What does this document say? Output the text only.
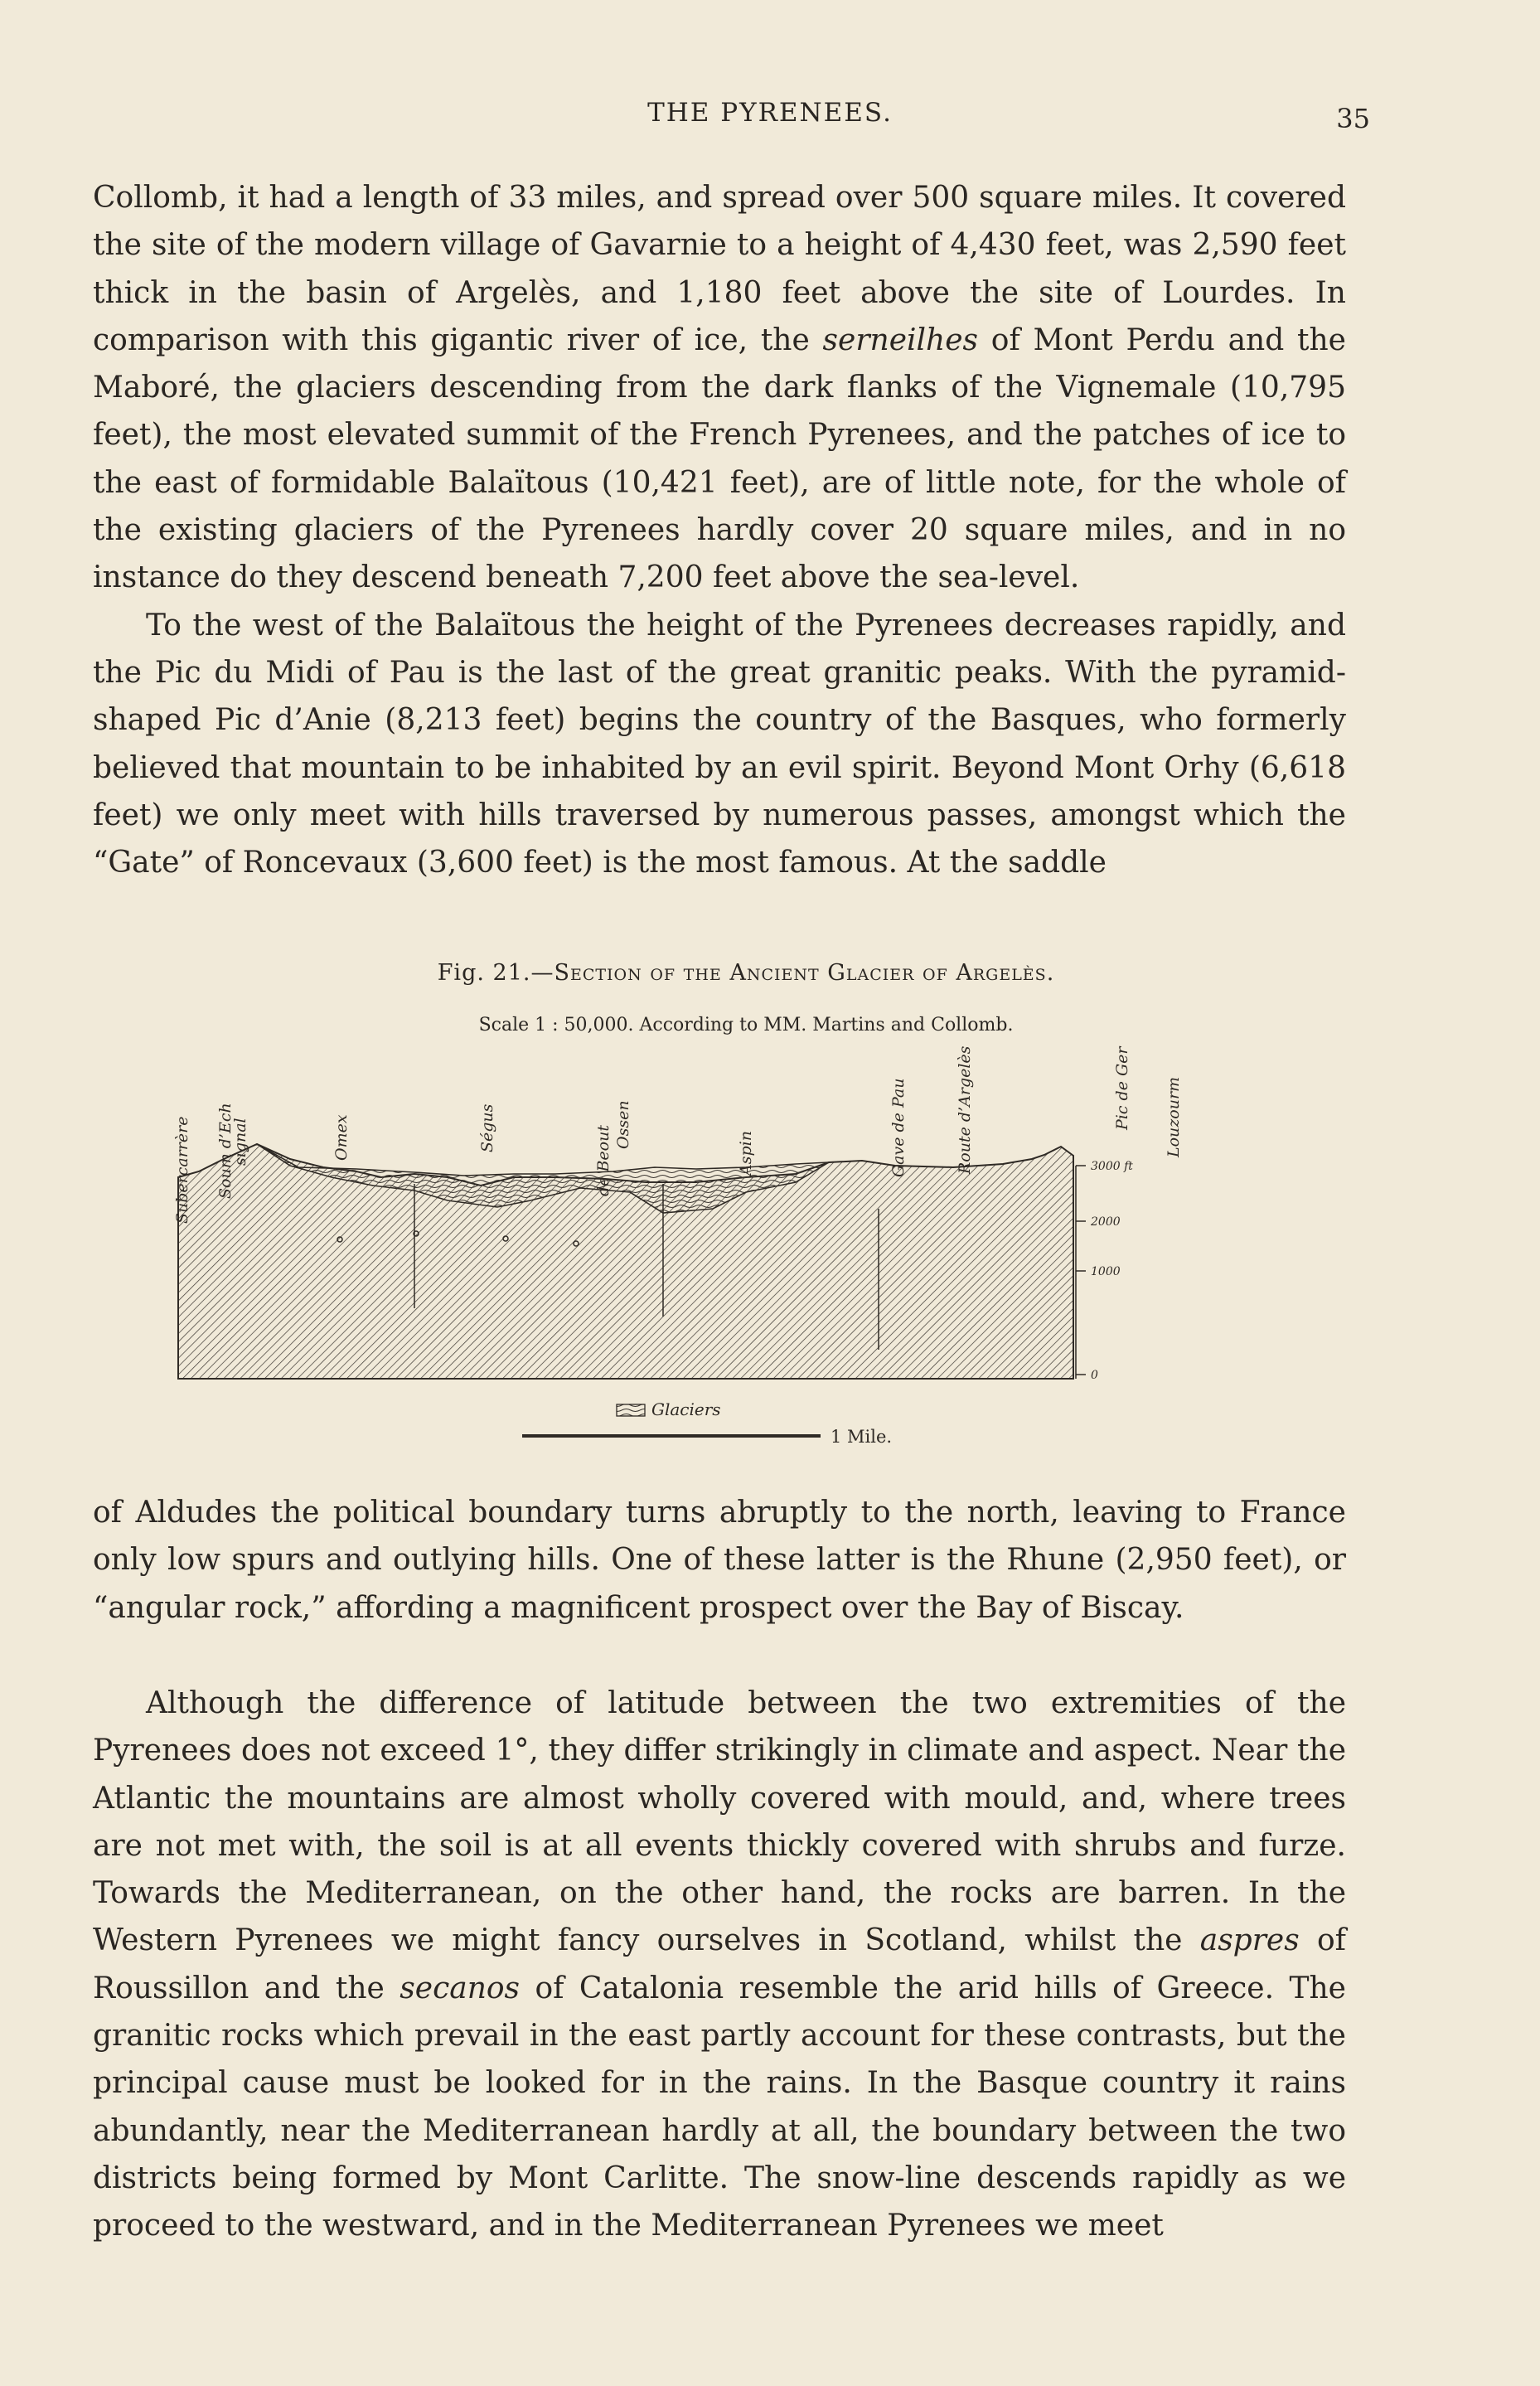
THE PYRENEES.	35

Collomb, it had a length of 33 miles, and spread over 500 square miles. It covered the site of the modern village of Gavarnie to a height of 4,430 feet, was 2,590 feet thick in the basin of Argelès, and 1,180 feet above the site of Lourdes. In comparison with this gigantic river of ice, the serneilhes of Mont Perdu and the Maboré, the glaciers descending from the dark flanks of the Vignemale (10,795 feet), the most elevated summit of the French Pyrenees, and the patches of ice to the east of formidable Balaïtous (10,421 feet), are of little note, for the whole of the existing glaciers of the Pyrenees hardly cover 20 square miles, and in no instance do they descend beneath 7,200 feet above the sea-level.

To the west of the Balaïtous the height of the Pyrenees decreases rapidly, and the Pic du Midi of Pau is the last of the great granitic peaks. With the pyramid-shaped Pic d’Anie (8,213 feet) begins the country of the Basques, who formerly believed that mountain to be inhabited by an evil spirit. Beyond Mont Orhy (6,618 feet) we only meet with hills traversed by numerous passes, amongst which the “Gate” of Roncevaux (3,600 feet) is the most famous. At the saddle

Fig. 21.—Section of the Ancient Glacier of Argelès.
Scale 1 : 50,000. According to MM. Martins and Collomb.
3000 ft
2000
1000
0
Subercarrère Soum d’Ech
signal	Omex	Ségus	Ossen
de Beout	Aspin	Gave de Pau	Route d’Argelès	Pic de Ger Louzourm
Glaciers
1 Mile.

of Aldudes the political boundary turns abruptly to the north, leaving to France only low spurs and outlying hills. One of these latter is the Rhune (2,950 feet), or “angular rock,” affording a magnificent prospect over the Bay of Biscay.

Although the difference of latitude between the two extremities of the Pyrenees does not exceed 1°, they differ strikingly in climate and aspect. Near the Atlantic the mountains are almost wholly covered with mould, and, where trees are not met with, the soil is at all events thickly covered with shrubs and furze. Towards the Mediterranean, on the other hand, the rocks are barren. In the Western Pyrenees we might fancy ourselves in Scotland, whilst the aspres of Roussillon and the secanos of Catalonia resemble the arid hills of Greece. The granitic rocks which prevail in the east partly account for these contrasts, but the principal cause must be looked for in the rains. In the Basque country it rains abundantly, near the Mediterranean hardly at all, the boundary between the two districts being formed by Mont Carlitte. The snow-line descends rapidly as we proceed to the westward, and in the Mediterranean Pyrenees we meet
